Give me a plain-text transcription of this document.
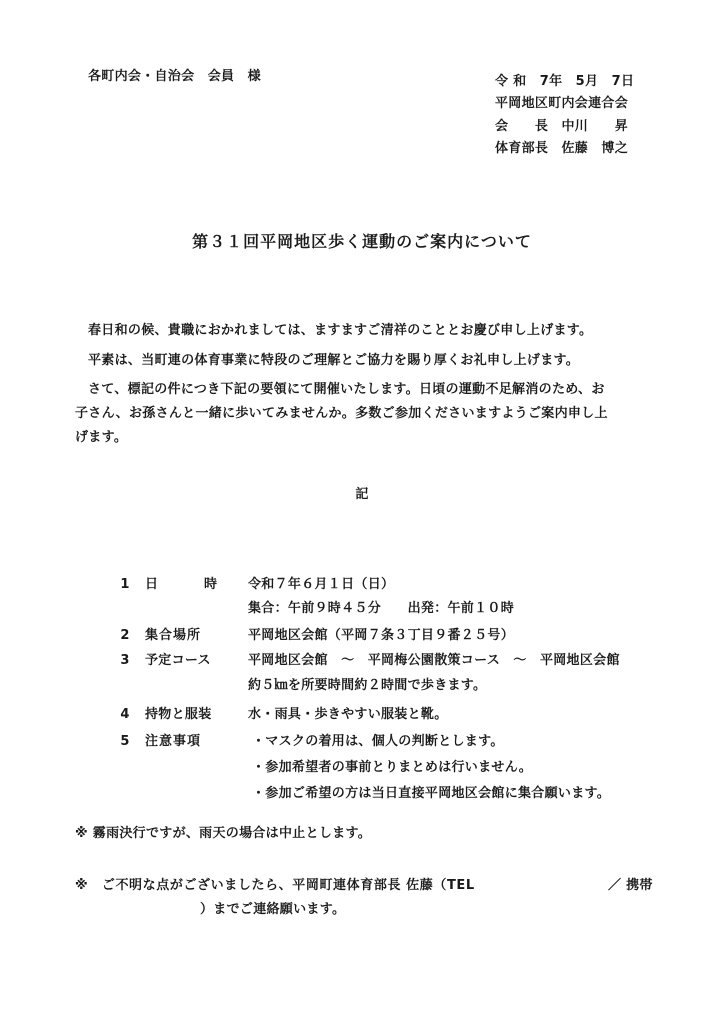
各町内会・自治会　会員　様	令 和　7年　5月　7日
平岡地区町内会連合会
会　　長　中川　　昇
体育部長　佐藤　博之
第３１回平岡地区歩く運動のご案内について
春日和の候、貴職におかれましては、ますますご清祥のこととお慶び申し上げます。
平素は、当町連の体育事業に特段のご理解とご協力を賜り厚くお礼申し上げます。
さて、標記の件につき下記の要領にて開催いたします。日頃の運動不足解消のため、お
子さん、お孫さんと一緒に歩いてみませんか。多数ご参加くださいますようご案内申し上
げます。
記
1 日	時 令和７年６月１日（日）
集合：午前９時４５分　　出発：午前１０時
2 集合場所	平岡地区会館（平岡７条３丁目９番２５号）
3 予定コース	平岡地区会館　～　平岡梅公園散策コース　～　平岡地区会館
約５㎞を所要時間約２時間で歩きます。
4 持物と服装	水・雨具・歩きやすい服装と靴。
5 注意事項	・マスクの着用は、個人の判断とします。
・参加希望者の事前とりまとめは行いません。
・参加ご希望の方は当日直接平岡地区会館に集合願います。
※ 霧雨決行ですが、雨天の場合は中止とします。
※　ご不明な点がございましたら、平岡町連体育部長 佐藤（TEL	／ 携帯
）までご連絡願います。
